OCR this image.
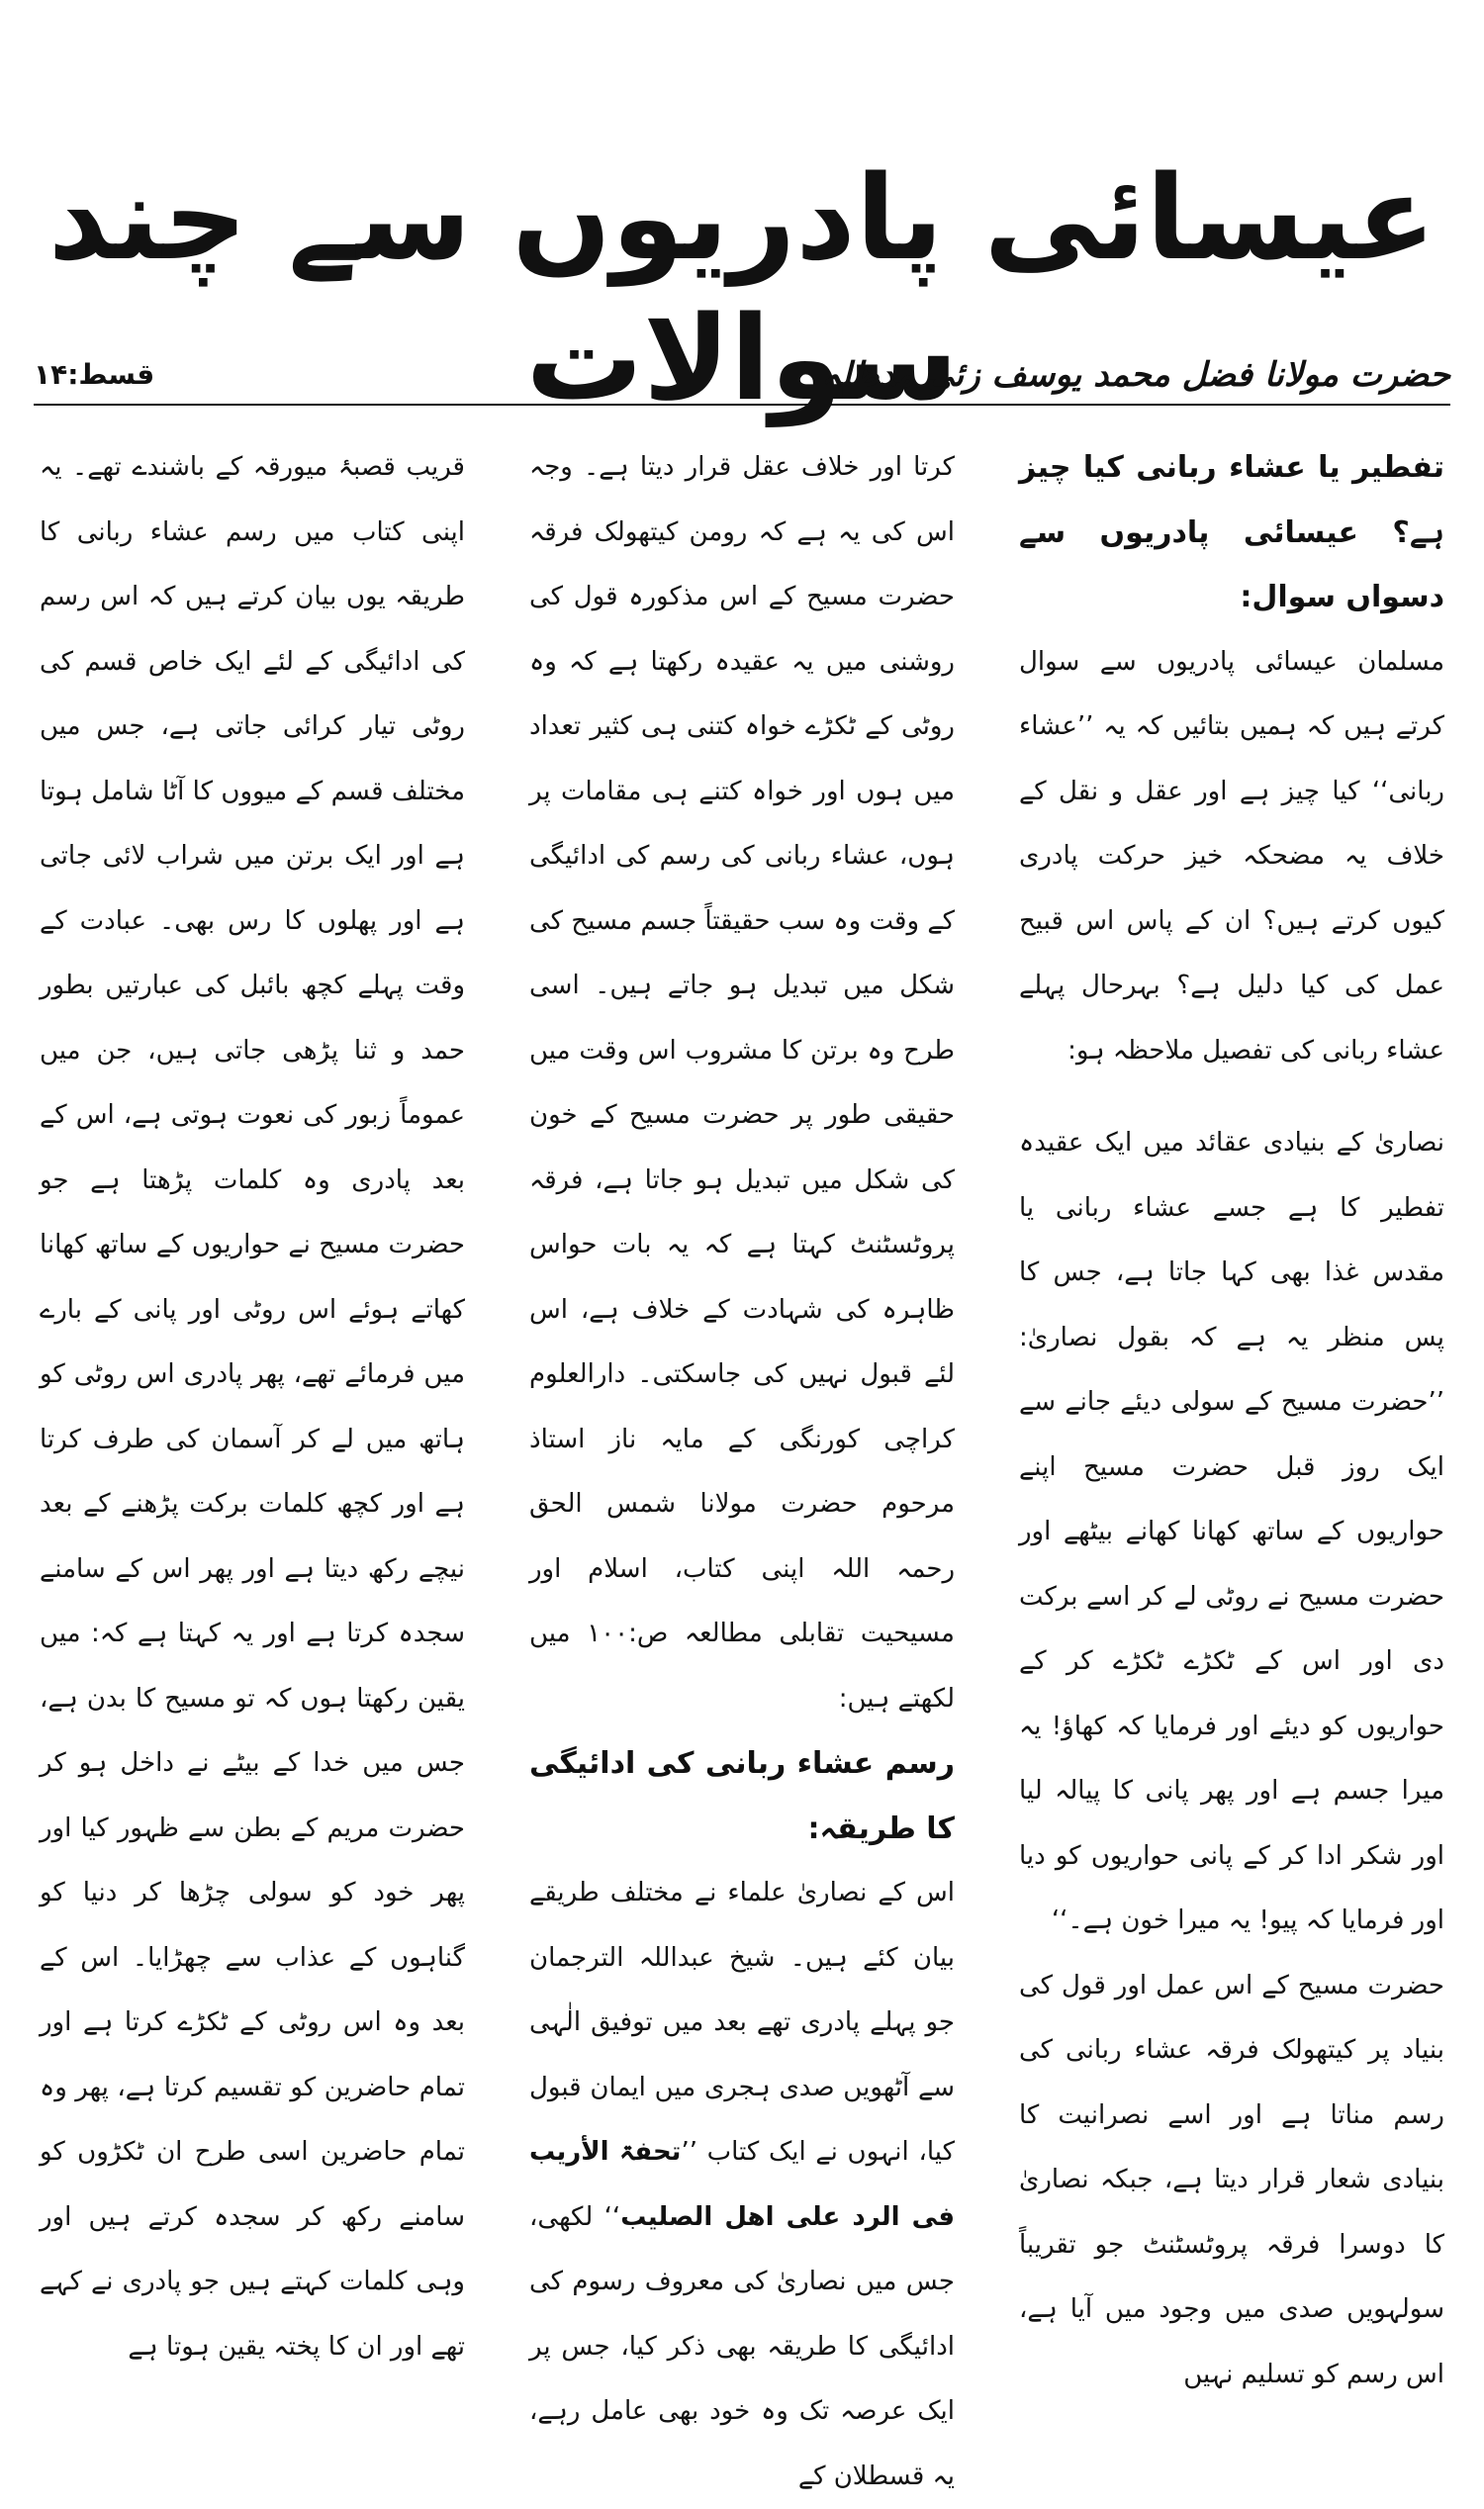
عیسائی پادریوں سے چند سوالات
حضرت مولانا فضل محمد یوسف زئی مدظلہ
قسط:۱۴

تفطیر یا عشاء ربانی کیا چیز ہے؟ عیسائی پادریوں سے دسواں سوال:

مسلمان عیسائی پادریوں سے سوال کرتے ہیں کہ ہمیں بتائیں کہ یہ ’’عشاء ربانی‘‘ کیا چیز ہے اور عقل و نقل کے خلاف یہ مضحکہ خیز حرکت پادری کیوں کرتے ہیں؟ ان کے پاس اس قبیح عمل کی کیا دلیل ہے؟ بہرحال پہلے عشاء ربانی کی تفصیل ملاحظہ ہو:

نصاریٰ کے بنیادی عقائد میں ایک عقیدہ تفطیر کا ہے جسے عشاء ربانی یا مقدس غذا بھی کہا جاتا ہے، جس کا پس منظر یہ ہے کہ بقول نصاریٰ: ’’حضرت مسیح کے سولی دیئے جانے سے ایک روز قبل حضرت مسیح اپنے حواریوں کے ساتھ کھانا کھانے بیٹھے اور حضرت مسیح نے روٹی لے کر اسے برکت دی اور اس کے ٹکڑے ٹکڑے کر کے حواریوں کو دیئے اور فرمایا کہ کھاؤ! یہ میرا جسم ہے اور پھر پانی کا پیالہ لیا اور شکر ادا کر کے پانی حواریوں کو دیا اور فرمایا کہ پیو! یہ میرا خون ہے۔‘‘

حضرت مسیح کے اس عمل اور قول کی بنیاد پر کیتھولک فرقہ عشاء ربانی کی رسم مناتا ہے اور اسے نصرانیت کا بنیادی شعار قرار دیتا ہے، جبکہ نصاریٰ کا دوسرا فرقہ پروٹسٹنٹ جو تقریباً سولہویں صدی میں وجود میں آیا ہے، اس رسم کو تسلیم نہیں

کرتا اور خلاف عقل قرار دیتا ہے۔ وجہ اس کی یہ ہے کہ رومن کیتھولک فرقہ حضرت مسیح کے اس مذکورہ قول کی روشنی میں یہ عقیدہ رکھتا ہے کہ وہ روٹی کے ٹکڑے خواہ کتنی ہی کثیر تعداد میں ہوں اور خواہ کتنے ہی مقامات پر ہوں، عشاء ربانی کی رسم کی ادائیگی کے وقت وہ سب حقیقتاً جسم مسیح کی شکل میں تبدیل ہو جاتے ہیں۔ اسی طرح وہ برتن کا مشروب اس وقت میں حقیقی طور پر حضرت مسیح کے خون کی شکل میں تبدیل ہو جاتا ہے، فرقہ پروٹسٹنٹ کہتا ہے کہ یہ بات حواس ظاہرہ کی شہادت کے خلاف ہے، اس لئے قبول نہیں کی جاسکتی۔ دارالعلوم کراچی کورنگی کے مایہ ناز استاذ مرحوم حضرت مولانا شمس الحق رحمہ اللہ اپنی کتاب، اسلام اور مسیحیت تقابلی مطالعہ ص:۱۰۰ میں لکھتے ہیں:

رسم عشاء ربانی کی ادائیگی کا طریقہ:

اس کے نصاریٰ علماء نے مختلف طریقے بیان کئے ہیں۔ شیخ عبداللہ الترجمان جو پہلے پادری تھے بعد میں توفیق الٰہی سے آٹھویں صدی ہجری میں ایمان قبول کیا، انہوں نے ایک کتاب ’’تحفۃ الأریب فی الرد علی اھل الصلیب‘‘ لکھی، جس میں نصاریٰ کی معروف رسوم کی ادائیگی کا طریقہ بھی ذکر کیا، جس پر ایک عرصہ تک وہ خود بھی عامل رہے، یہ قسطلان کے

قریب قصبۂ میورقہ کے باشندے تھے۔ یہ اپنی کتاب میں رسم عشاء ربانی کا طریقہ یوں بیان کرتے ہیں کہ اس رسم کی ادائیگی کے لئے ایک خاص قسم کی روٹی تیار کرائی جاتی ہے، جس میں مختلف قسم کے میووں کا آٹا شامل ہوتا ہے اور ایک برتن میں شراب لائی جاتی ہے اور پھلوں کا رس بھی۔ عبادت کے وقت پہلے کچھ بائبل کی عبارتیں بطور حمد و ثنا پڑھی جاتی ہیں، جن میں عموماً زبور کی نعوت ہوتی ہے، اس کے بعد پادری وہ کلمات پڑھتا ہے جو حضرت مسیح نے حواریوں کے ساتھ کھانا کھاتے ہوئے اس روٹی اور پانی کے بارے میں فرمائے تھے، پھر پادری اس روٹی کو ہاتھ میں لے کر آسمان کی طرف کرتا ہے اور کچھ کلمات برکت پڑھنے کے بعد نیچے رکھ دیتا ہے اور پھر اس کے سامنے سجدہ کرتا ہے اور یہ کہتا ہے کہ: میں یقین رکھتا ہوں کہ تو مسیح کا بدن ہے، جس میں خدا کے بیٹے نے داخل ہو کر حضرت مریم کے بطن سے ظہور کیا اور پھر خود کو سولی چڑھا کر دنیا کو گناہوں کے عذاب سے چھڑایا۔ اس کے بعد وہ اس روٹی کے ٹکڑے کرتا ہے اور تمام حاضرین کو تقسیم کرتا ہے، پھر وہ تمام حاضرین اسی طرح ان ٹکڑوں کو سامنے رکھ کر سجدہ کرتے ہیں اور وہی کلمات کہتے ہیں جو پادری نے کہے تھے اور ان کا پختہ یقین ہوتا ہے
